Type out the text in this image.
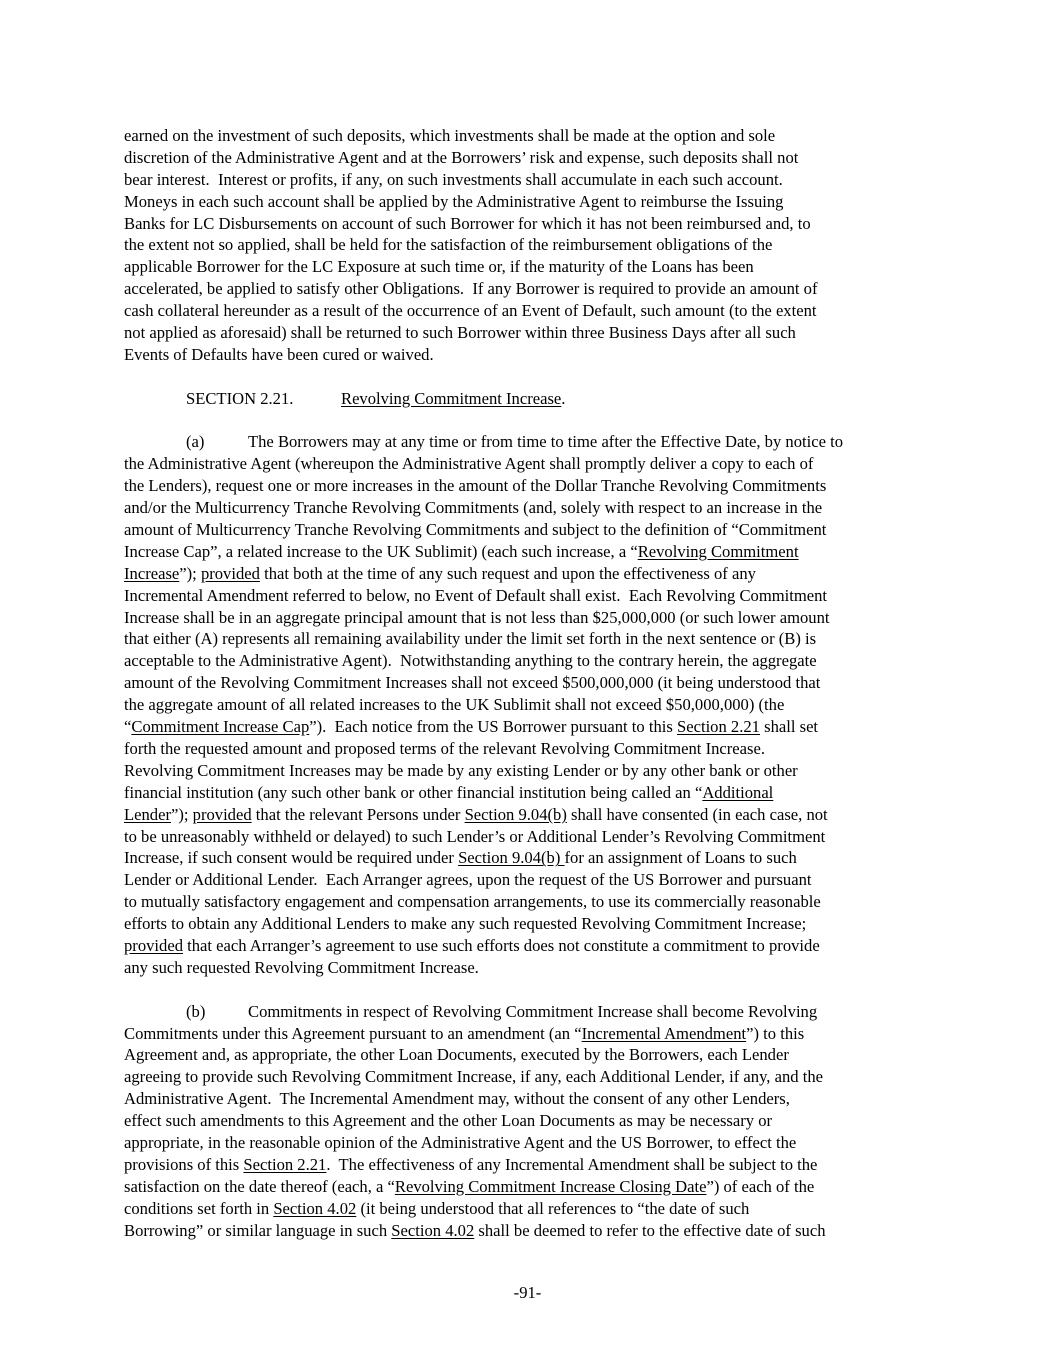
earned on the investment of such deposits, which investments shall be made at the option and sole
discretion of the Administrative Agent and at the Borrowers’ risk and expense, such deposits shall not
bear interest.  Interest or profits, if any, on such investments shall accumulate in each such account.
Moneys in each such account shall be applied by the Administrative Agent to reimburse the Issuing
Banks for LC Disbursements on account of such Borrower for which it has not been reimbursed and, to
the extent not so applied, shall be held for the satisfaction of the reimbursement obligations of the
applicable Borrower for the LC Exposure at such time or, if the maturity of the Loans has been
accelerated, be applied to satisfy other Obligations.  If any Borrower is required to provide an amount of
cash collateral hereunder as a result of the occurrence of an Event of Default, such amount (to the extent
not applied as aforesaid) shall be returned to such Borrower within three Business Days after all such
Events of Defaults have been cured or waived.
SECTION 2.21.	Revolving Commitment Increase.
(a)	The Borrowers may at any time or from time to time after the Effective Date, by notice to
the Administrative Agent (whereupon the Administrative Agent shall promptly deliver a copy to each of
the Lenders), request one or more increases in the amount of the Dollar Tranche Revolving Commitments
and/or the Multicurrency Tranche Revolving Commitments (and, solely with respect to an increase in the
amount of Multicurrency Tranche Revolving Commitments and subject to the definition of “Commitment
Increase Cap”, a related increase to the UK Sublimit) (each such increase, a “Revolving Commitment
Increase”); provided that both at the time of any such request and upon the effectiveness of any
Incremental Amendment referred to below, no Event of Default shall exist.  Each Revolving Commitment
Increase shall be in an aggregate principal amount that is not less than $25,000,000 (or such lower amount
that either (A) represents all remaining availability under the limit set forth in the next sentence or (B) is
acceptable to the Administrative Agent).  Notwithstanding anything to the contrary herein, the aggregate
amount of the Revolving Commitment Increases shall not exceed $500,000,000 (it being understood that
the aggregate amount of all related increases to the UK Sublimit shall not exceed $50,000,000) (the
“Commitment Increase Cap”).  Each notice from the US Borrower pursuant to this Section 2.21 shall set
forth the requested amount and proposed terms of the relevant Revolving Commitment Increase.
Revolving Commitment Increases may be made by any existing Lender or by any other bank or other
financial institution (any such other bank or other financial institution being called an “Additional
Lender”); provided that the relevant Persons under Section 9.04(b) shall have consented (in each case, not
to be unreasonably withheld or delayed) to such Lender’s or Additional Lender’s Revolving Commitment
Increase, if such consent would be required under Section 9.04(b) for an assignment of Loans to such
Lender or Additional Lender.  Each Arranger agrees, upon the request of the US Borrower and pursuant
to mutually satisfactory engagement and compensation arrangements, to use its commercially reasonable
efforts to obtain any Additional Lenders to make any such requested Revolving Commitment Increase;
provided that each Arranger’s agreement to use such efforts does not constitute a commitment to provide
any such requested Revolving Commitment Increase.
(b)	Commitments in respect of Revolving Commitment Increase shall become Revolving
Commitments under this Agreement pursuant to an amendment (an “Incremental Amendment”) to this
Agreement and, as appropriate, the other Loan Documents, executed by the Borrowers, each Lender
agreeing to provide such Revolving Commitment Increase, if any, each Additional Lender, if any, and the
Administrative Agent.  The Incremental Amendment may, without the consent of any other Lenders,
effect such amendments to this Agreement and the other Loan Documents as may be necessary or
appropriate, in the reasonable opinion of the Administrative Agent and the US Borrower, to effect the
provisions of this Section 2.21.  The effectiveness of any Incremental Amendment shall be subject to the
satisfaction on the date thereof (each, a “Revolving Commitment Increase Closing Date”) of each of the
conditions set forth in Section 4.02 (it being understood that all references to “the date of such
Borrowing” or similar language in such Section 4.02 shall be deemed to refer to the effective date of such
-91-
